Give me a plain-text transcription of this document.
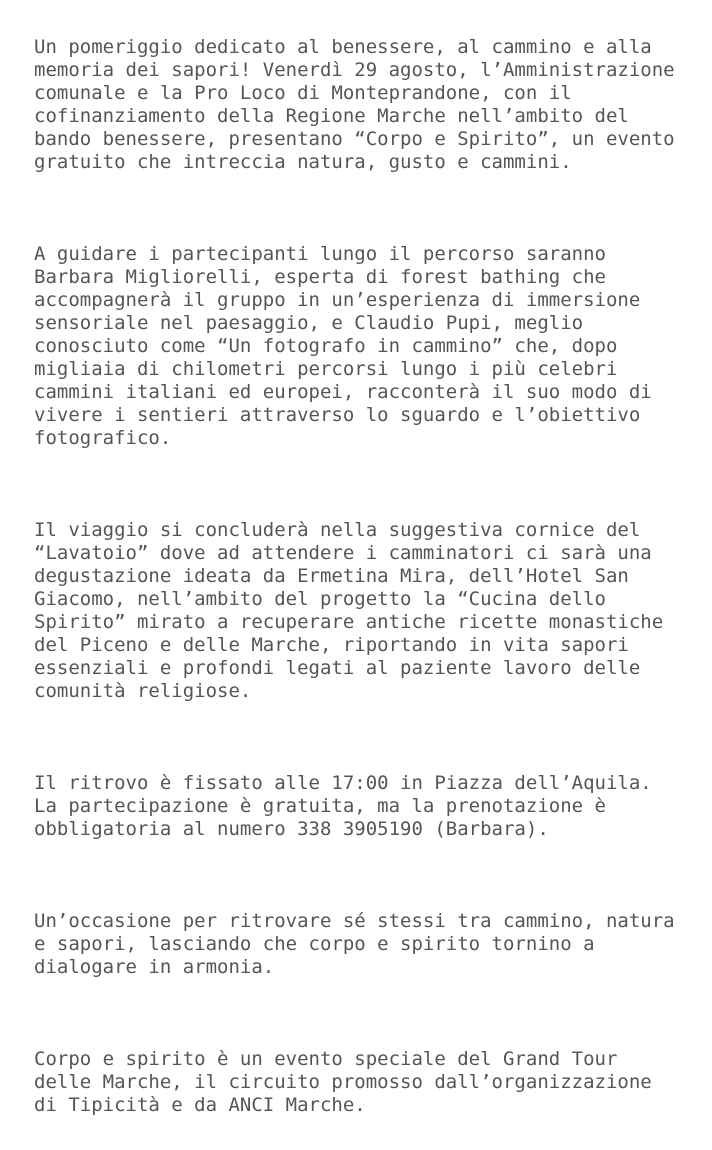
Un pomeriggio dedicato al benessere, al cammino e alla
memoria dei sapori! Venerdì 29 agosto, l’Amministrazione
comunale e la Pro Loco di Monteprandone, con il
cofinanziamento della Regione Marche nell’ambito del
bando benessere, presentano “Corpo e Spirito”, un evento
gratuito che intreccia natura, gusto e cammini.

A guidare i partecipanti lungo il percorso saranno
Barbara Migliorelli, esperta di forest bathing che
accompagnerà il gruppo in un’esperienza di immersione
sensoriale nel paesaggio, e Claudio Pupi, meglio
conosciuto come “Un fotografo in cammino” che, dopo
migliaia di chilometri percorsi lungo i più celebri
cammini italiani ed europei, racconterà il suo modo di
vivere i sentieri attraverso lo sguardo e l’obiettivo
fotografico.

Il viaggio si concluderà nella suggestiva cornice del
“Lavatoio” dove ad attendere i camminatori ci sarà una
degustazione ideata da Ermetina Mira, dell’Hotel San
Giacomo, nell’ambito del progetto la “Cucina dello
Spirito” mirato a recuperare antiche ricette monastiche
del Piceno e delle Marche, riportando in vita sapori
essenziali e profondi legati al paziente lavoro delle
comunità religiose.

Il ritrovo è fissato alle 17:00 in Piazza dell’Aquila.
La partecipazione è gratuita, ma la prenotazione è
obbligatoria al numero 338 3905190 (Barbara).

Un’occasione per ritrovare sé stessi tra cammino, natura
e sapori, lasciando che corpo e spirito tornino a
dialogare in armonia.

Corpo e spirito è un evento speciale del Grand Tour
delle Marche, il circuito promosso dall’organizzazione
di Tipicità e da ANCI Marche.
